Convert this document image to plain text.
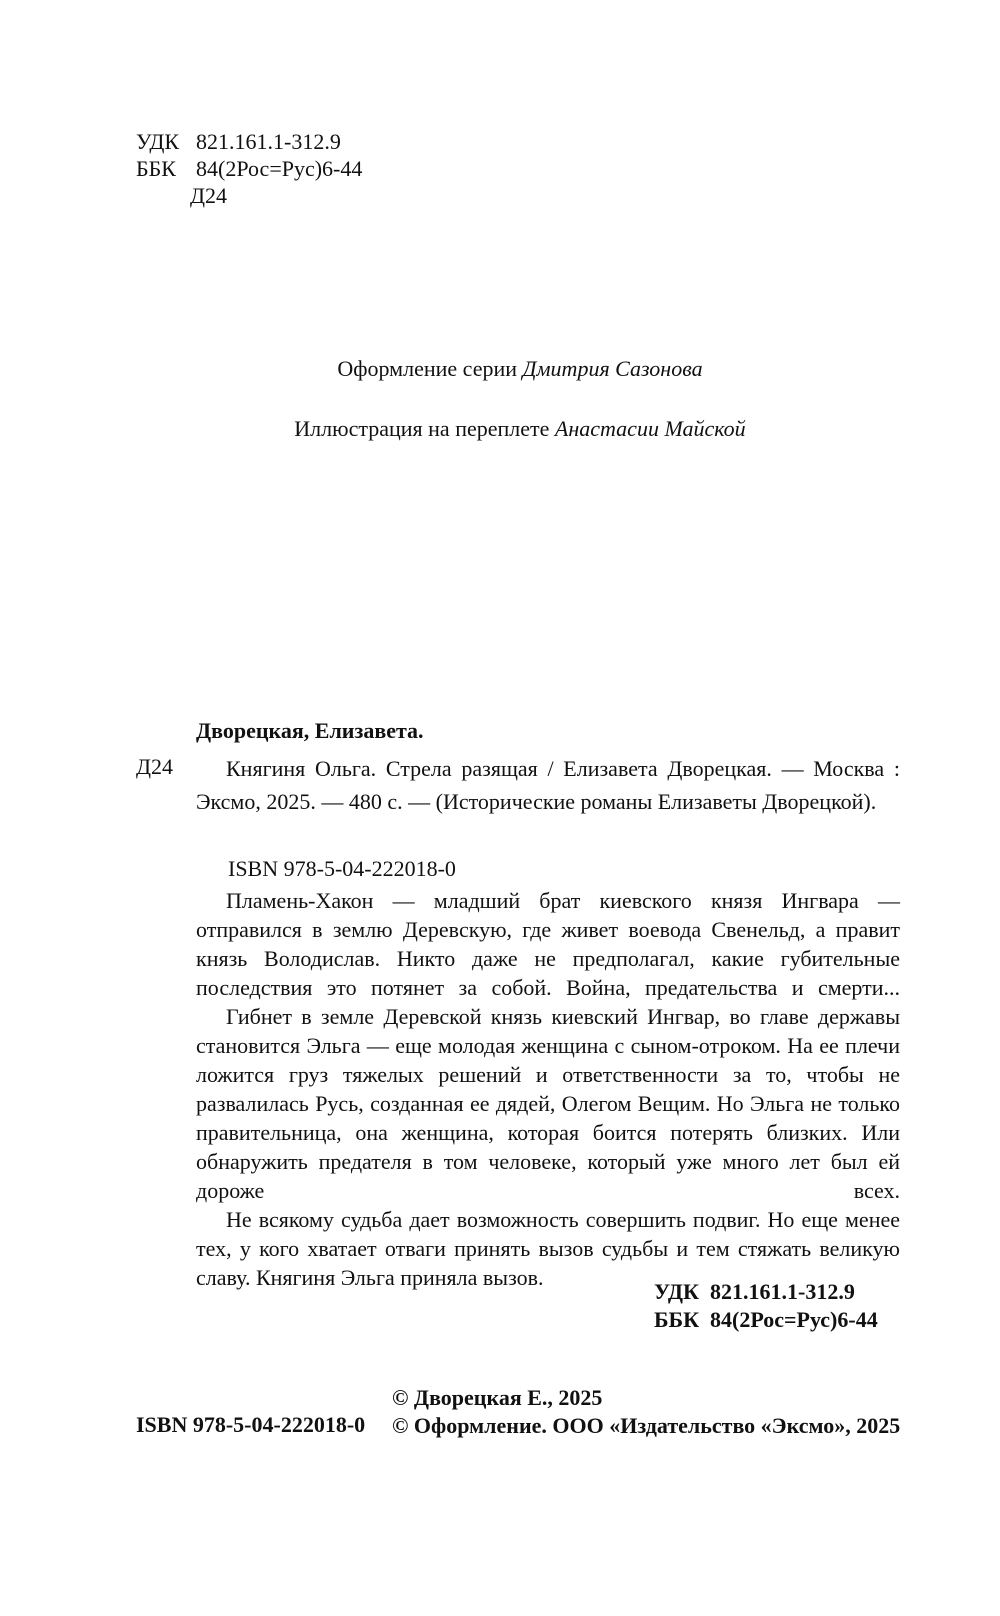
УДК 821.161.1-312.9
ББК 84(2Рос=Рус)6-44
Д24
Оформление серии Дмитрия Сазонова
Иллюстрация на переплете Анастасии Майской
Дворецкая, Елизавета.
Д24	Княгиня Ольга. Стрела разящая / Елизавета Дворецкая. — Москва : Эксмо, 2025. — 480 с. — (Исторические романы Елизаветы Дворецкой).

ISBN 978-5-04-222018-0

Пламень-Хакон — младший брат киевского князя Ингвара — отправился в землю Деревскую, где живет воевода Свенельд, а правит князь Володислав. Никто даже не предполагал, какие губительные последствия это потянет за собой. Война, предательства и смерти...

Гибнет в земле Деревской князь киевский Ингвар, во главе державы становится Эльга — еще молодая женщина с сыном-отроком. На ее плечи ложится груз тяжелых решений и ответственности за то, чтобы не развалилась Русь, созданная ее дядей, Олегом Вещим. Но Эльга не только правительница, она женщина, которая боится потерять близких. Или обнаружить предателя в том человеке, который уже много лет был ей дороже всех.

Не всякому судьба дает возможность совершить подвиг. Но еще менее тех, у кого хватает отваги принять вызов судьбы и тем стяжать великую славу. Княгиня Эльга приняла вызов.

УДК 821.161.1-312.9
ББК 84(2Рос=Рус)6-44
ISBN 978-5-04-222018-0
© Дворецкая Е., 2025
© Оформление. ООО «Издательство «Эксмо», 2025
